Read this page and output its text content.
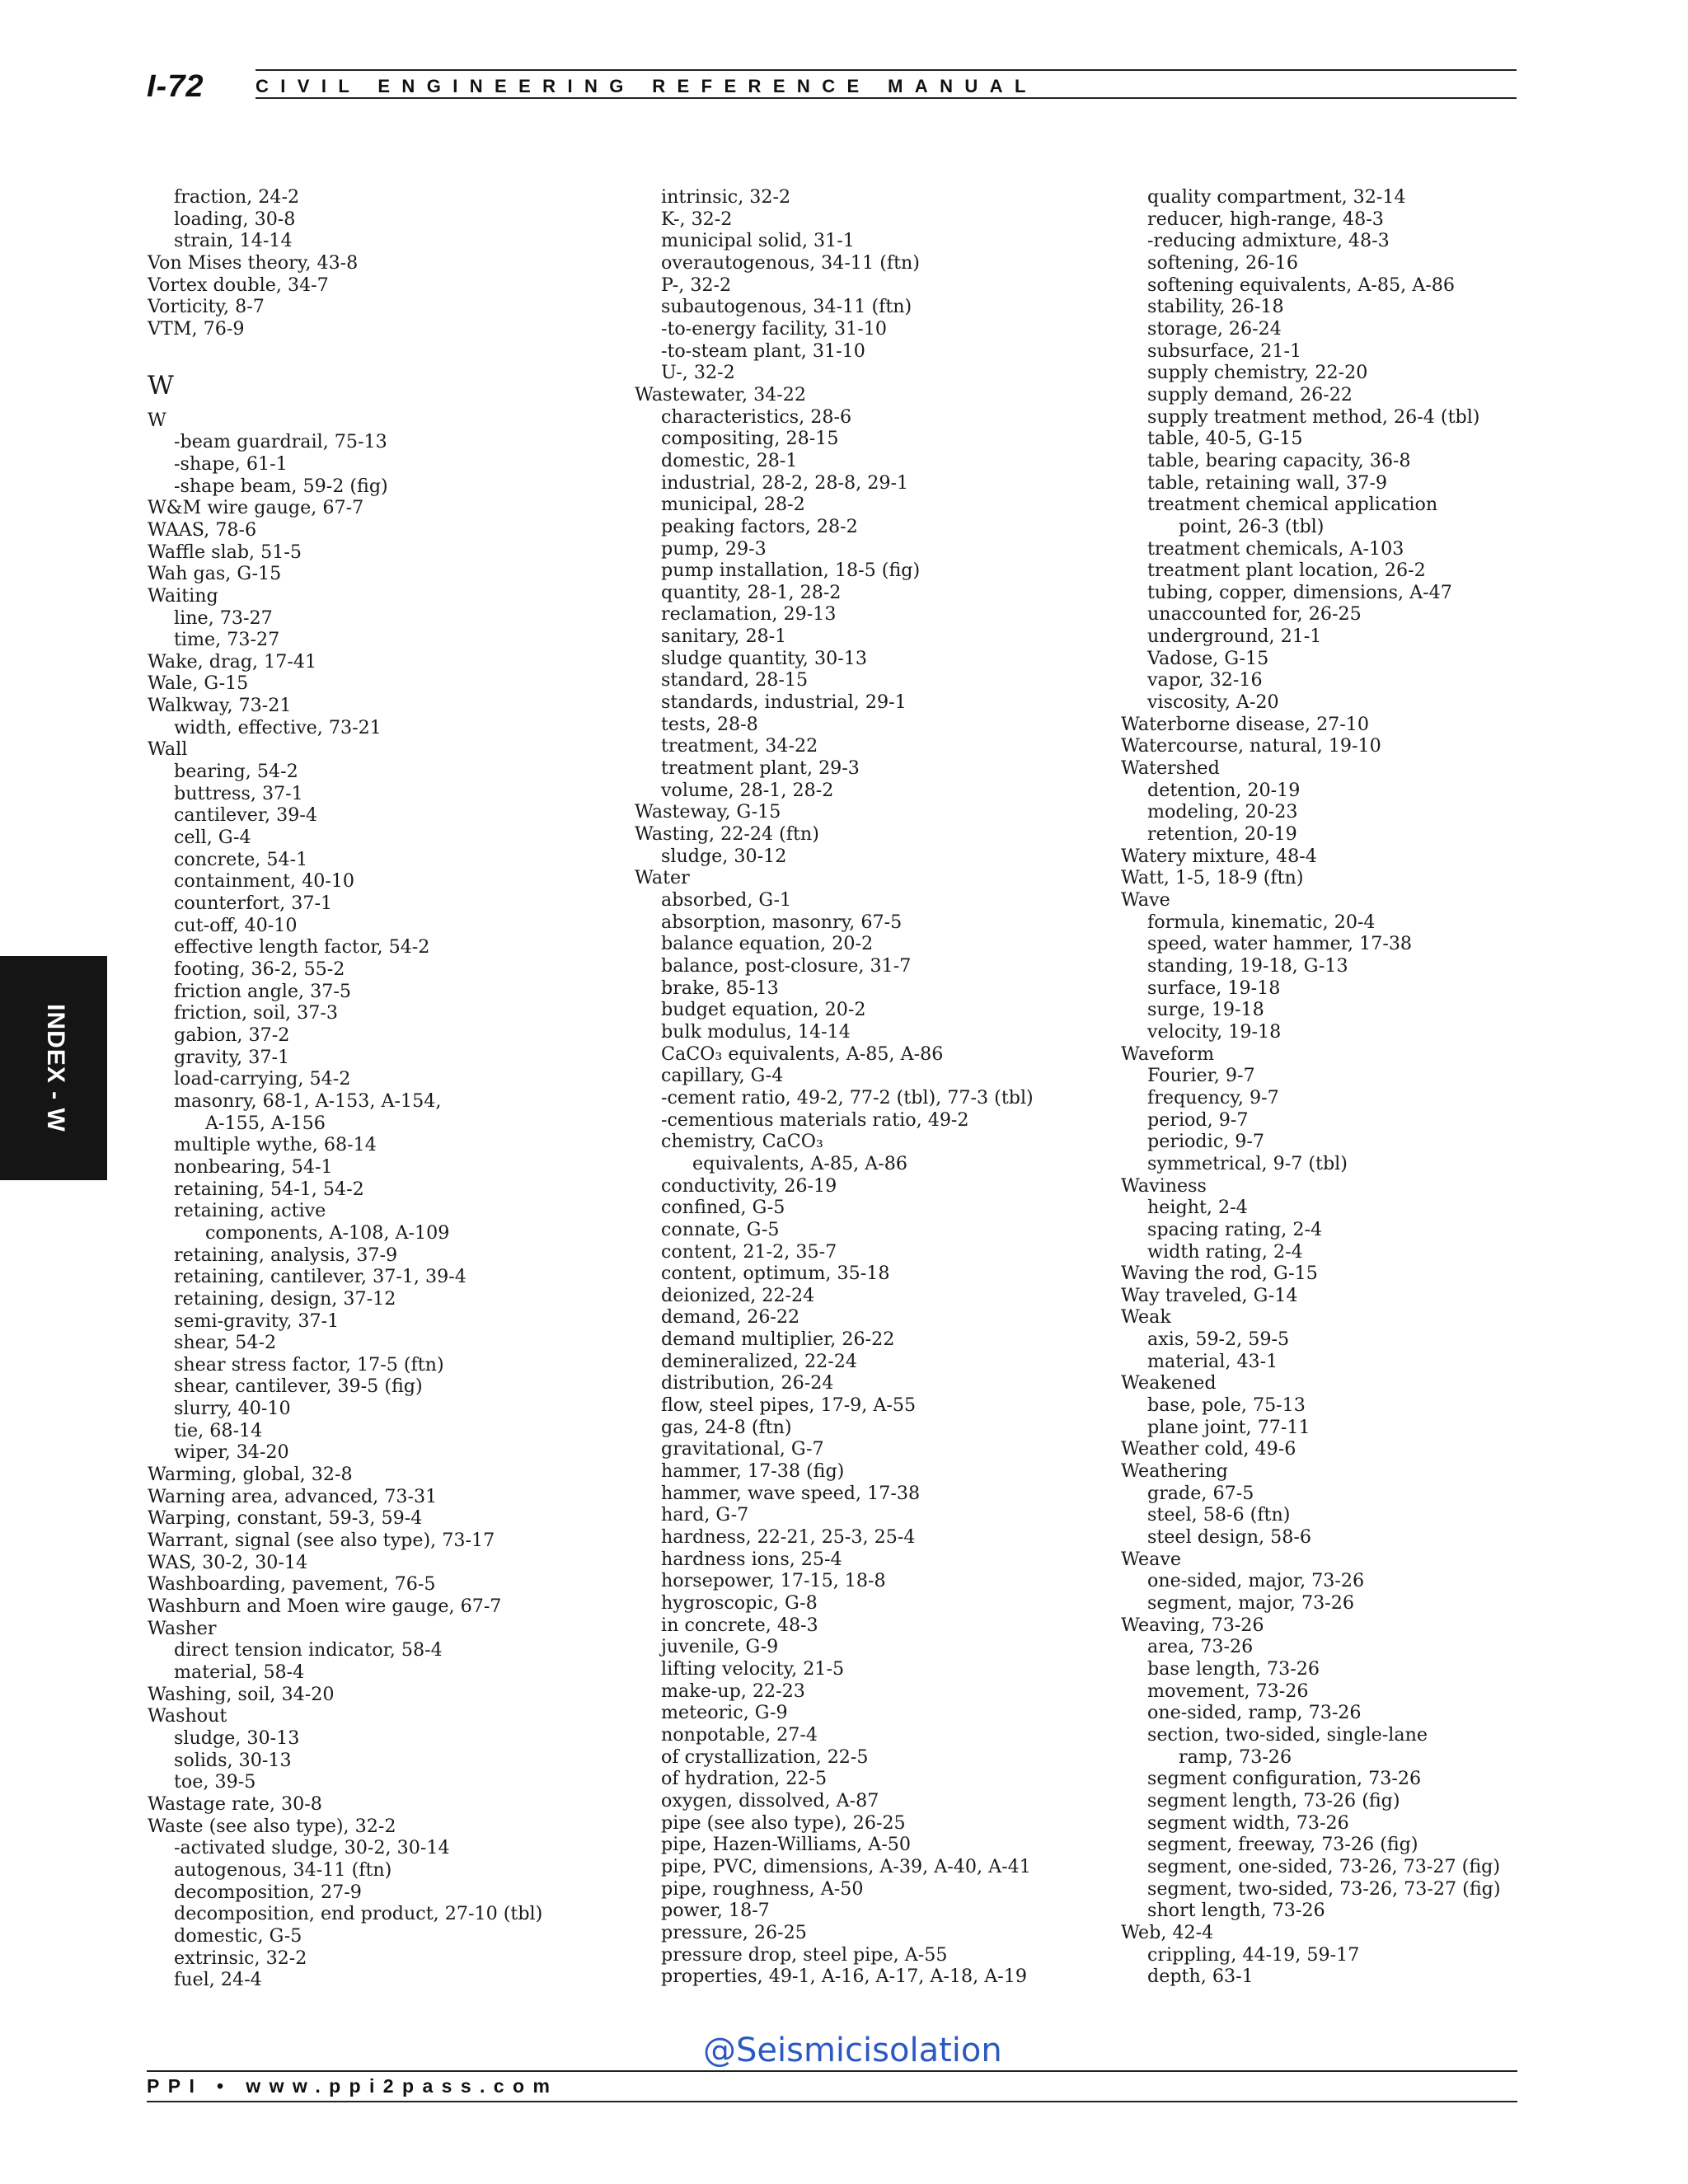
I-72	CIVIL ENGINEERING REFERENCE MANUAL
fraction, 24-2
loading, 30-8
strain, 14-14
Von Mises theory, 43-8
Vortex double, 34-7
Vorticity, 8-7
VTM, 76-9
W
W
-beam guardrail, 75-13
-shape, 61-1
-shape beam, 59-2 (fig)
W&M wire gauge, 67-7
WAAS, 78-6
Waffle slab, 51-5
Wah gas, G-15
Waiting
line, 73-27
time, 73-27
Wake, drag, 17-41
Wale, G-15
Walkway, 73-21
width, effective, 73-21
Wall
bearing, 54-2
buttress, 37-1
cantilever, 39-4
cell, G-4
concrete, 54-1
containment, 40-10
counterfort, 37-1
cut-off, 40-10
effective length factor, 54-2
footing, 36-2, 55-2
friction angle, 37-5
friction, soil, 37-3
gabion, 37-2
gravity, 37-1
load-carrying, 54-2
masonry, 68-1, A-153, A-154,
A-155, A-156
multiple wythe, 68-14
nonbearing, 54-1
retaining, 54-1, 54-2
retaining, active
components, A-108, A-109
retaining, analysis, 37-9
retaining, cantilever, 37-1, 39-4
retaining, design, 37-12
semi-gravity, 37-1
shear, 54-2
shear stress factor, 17-5 (ftn)
shear, cantilever, 39-5 (fig)
slurry, 40-10
tie, 68-14
wiper, 34-20
Warming, global, 32-8
Warning area, advanced, 73-31
Warping, constant, 59-3, 59-4
Warrant, signal (see also type), 73-17
WAS, 30-2, 30-14
Washboarding, pavement, 76-5
Washburn and Moen wire gauge, 67-7
Washer
direct tension indicator, 58-4
material, 58-4
Washing, soil, 34-20
Washout
sludge, 30-13
solids, 30-13
toe, 39-5
Wastage rate, 30-8
Waste (see also type), 32-2
-activated sludge, 30-2, 30-14
autogenous, 34-11 (ftn)
decomposition, 27-9
decomposition, end product, 27-10 (tbl)
domestic, G-5
extrinsic, 32-2
fuel, 24-4
intrinsic, 32-2
K-, 32-2
municipal solid, 31-1
overautogenous, 34-11 (ftn)
P-, 32-2
subautogenous, 34-11 (ftn)
-to-energy facility, 31-10
-to-steam plant, 31-10
U-, 32-2
Wastewater, 34-22
characteristics, 28-6
compositing, 28-15
domestic, 28-1
industrial, 28-2, 28-8, 29-1
municipal, 28-2
peaking factors, 28-2
pump, 29-3
pump installation, 18-5 (fig)
quantity, 28-1, 28-2
reclamation, 29-13
sanitary, 28-1
sludge quantity, 30-13
standard, 28-15
standards, industrial, 29-1
tests, 28-8
treatment, 34-22
treatment plant, 29-3
volume, 28-1, 28-2
Wasteway, G-15
Wasting, 22-24 (ftn)
sludge, 30-12
Water
absorbed, G-1
absorption, masonry, 67-5
balance equation, 20-2
balance, post-closure, 31-7
brake, 85-13
budget equation, 20-2
bulk modulus, 14-14
CaCO₃ equivalents, A-85, A-86
capillary, G-4
-cement ratio, 49-2, 77-2 (tbl), 77-3 (tbl)
-cementious materials ratio, 49-2
chemistry, CaCO₃
equivalents, A-85, A-86
conductivity, 26-19
confined, G-5
connate, G-5
content, 21-2, 35-7
content, optimum, 35-18
deionized, 22-24
demand, 26-22
demand multiplier, 26-22
demineralized, 22-24
distribution, 26-24
flow, steel pipes, 17-9, A-55
gas, 24-8 (ftn)
gravitational, G-7
hammer, 17-38 (fig)
hammer, wave speed, 17-38
hard, G-7
hardness, 22-21, 25-3, 25-4
hardness ions, 25-4
horsepower, 17-15, 18-8
hygroscopic, G-8
in concrete, 48-3
juvenile, G-9
lifting velocity, 21-5
make-up, 22-23
meteoric, G-9
nonpotable, 27-4
of crystallization, 22-5
of hydration, 22-5
oxygen, dissolved, A-87
pipe (see also type), 26-25
pipe, Hazen-Williams, A-50
pipe, PVC, dimensions, A-39, A-40, A-41
pipe, roughness, A-50
power, 18-7
pressure, 26-25
pressure drop, steel pipe, A-55
properties, 49-1, A-16, A-17, A-18, A-19
quality compartment, 32-14
reducer, high-range, 48-3
-reducing admixture, 48-3
softening, 26-16
softening equivalents, A-85, A-86
stability, 26-18
storage, 26-24
subsurface, 21-1
supply chemistry, 22-20
supply demand, 26-22
supply treatment method, 26-4 (tbl)
table, 40-5, G-15
table, bearing capacity, 36-8
table, retaining wall, 37-9
treatment chemical application
point, 26-3 (tbl)
treatment chemicals, A-103
treatment plant location, 26-2
tubing, copper, dimensions, A-47
unaccounted for, 26-25
underground, 21-1
Vadose, G-15
vapor, 32-16
viscosity, A-20
Waterborne disease, 27-10
Watercourse, natural, 19-10
Watershed
detention, 20-19
modeling, 20-23
retention, 20-19
Watery mixture, 48-4
Watt, 1-5, 18-9 (ftn)
Wave
formula, kinematic, 20-4
speed, water hammer, 17-38
standing, 19-18, G-13
surface, 19-18
surge, 19-18
velocity, 19-18
Waveform
Fourier, 9-7
frequency, 9-7
period, 9-7
periodic, 9-7
symmetrical, 9-7 (tbl)
Waviness
height, 2-4
spacing rating, 2-4
width rating, 2-4
Waving the rod, G-15
Way traveled, G-14
Weak
axis, 59-2, 59-5
material, 43-1
Weakened
base, pole, 75-13
plane joint, 77-11
Weather cold, 49-6
Weathering
grade, 67-5
steel, 58-6 (ftn)
steel design, 58-6
Weave
one-sided, major, 73-26
segment, major, 73-26
Weaving, 73-26
area, 73-26
base length, 73-26
movement, 73-26
one-sided, ramp, 73-26
section, two-sided, single-lane
ramp, 73-26
segment configuration, 73-26
segment length, 73-26 (fig)
segment width, 73-26
segment, freeway, 73-26 (fig)
segment, one-sided, 73-26, 73-27 (fig)
segment, two-sided, 73-26, 73-27 (fig)
short length, 73-26
Web, 42-4
crippling, 44-19, 59-17
depth, 63-1
INDEX - W
@Seismicisolation
PPI • www.ppi2pass.com
